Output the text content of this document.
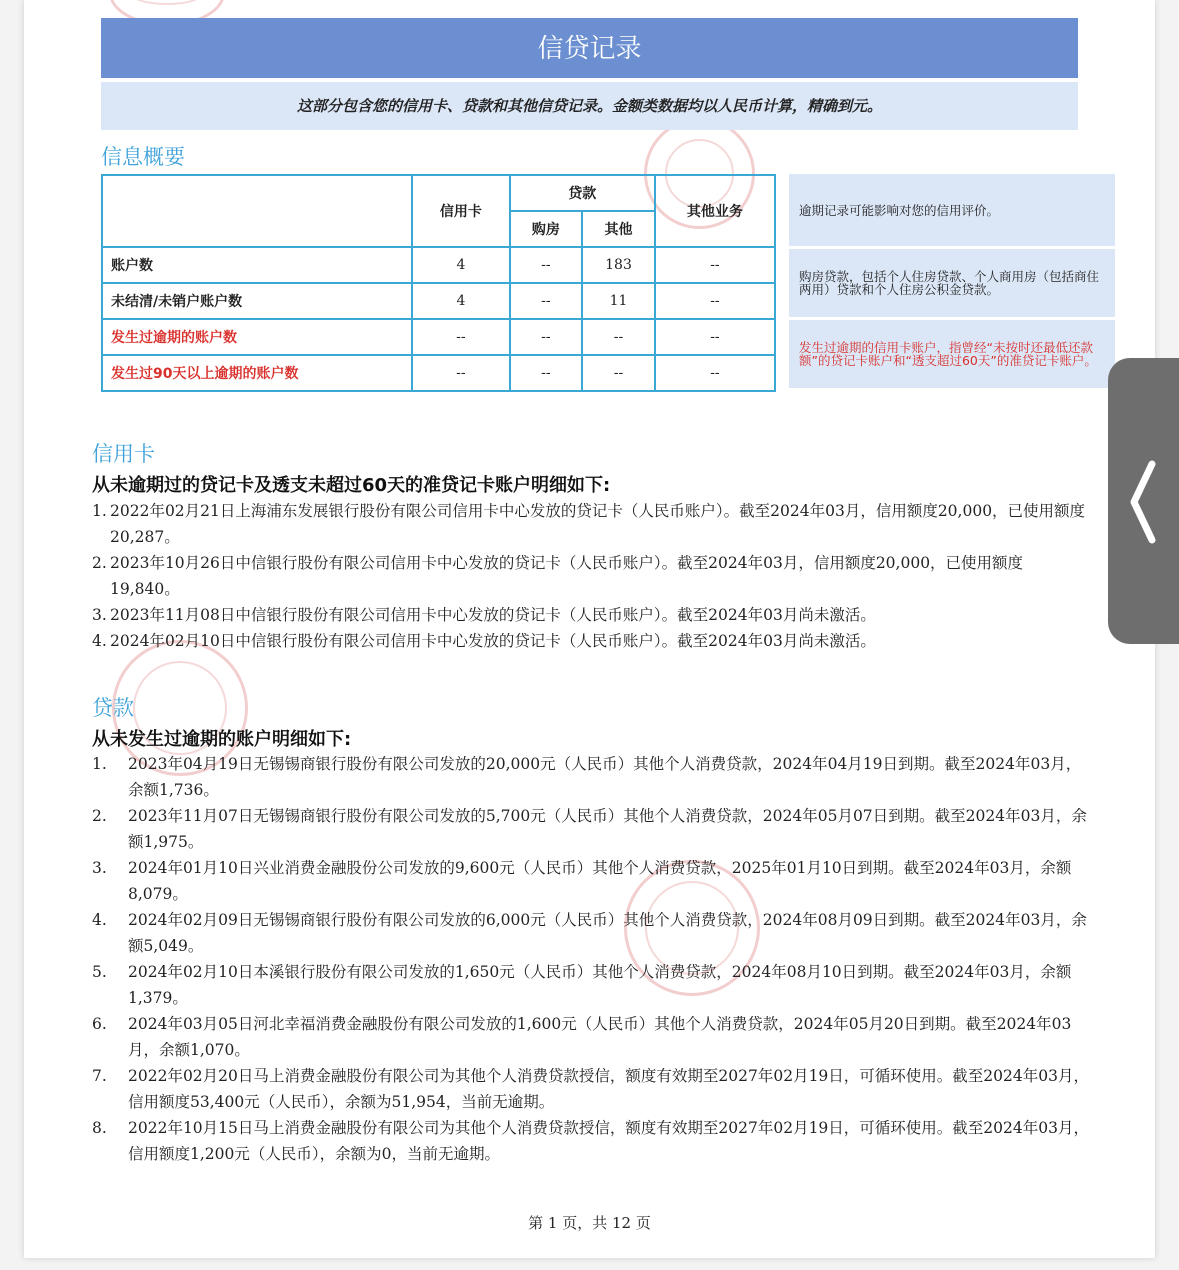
信贷记录
这部分包含您的信用卡、贷款和其他信贷记录。金额类数据均以人民币计算，精确到元。
信息概要
	信用卡	贷款		其他业务
		购房	其他	
账户数	4	--	183	--
未结清/未销户账户数	4	--	11	--
发生过逾期的账户数	--	--	--	--
发生过90天以上逾期的账户数	--	--	--	--
逾期记录可能影响对您的信用评价。
购房贷款，包括个人住房贷款、个人商用房（包括商住两用）贷款和个人住房公积金贷款。
发生过逾期的信用卡账户，指曾经“未按时还最低还款额”的贷记卡账户和“透支超过60天”的准贷记卡账户。
信用卡
从未逾期过的贷记卡及透支未超过60天的准贷记卡账户明细如下:
1. 2022年02月21日上海浦东发展银行股份有限公司信用卡中心发放的贷记卡（人民币账户）。截至2024年03月，信用额度20,000，已使用额度20,287。
2. 2023年10月26日中信银行股份有限公司信用卡中心发放的贷记卡（人民币账户）。截至2024年03月，信用额度20,000，已使用额度19,840。
3. 2023年11月08日中信银行股份有限公司信用卡中心发放的贷记卡（人民币账户）。截至2024年03月尚未激活。
4. 2024年02月10日中信银行股份有限公司信用卡中心发放的贷记卡（人民币账户）。截至2024年03月尚未激活。
贷款
从未发生过逾期的账户明细如下:
1. 2023年04月19日无锡锡商银行股份有限公司发放的20,000元（人民币）其他个人消费贷款，2024年04月19日到期。截至2024年03月，余额1,736。
2. 2023年11月07日无锡锡商银行股份有限公司发放的5,700元（人民币）其他个人消费贷款，2024年05月07日到期。截至2024年03月，余额1,975。
3. 2024年01月10日兴业消费金融股份公司发放的9,600元（人民币）其他个人消费贷款，2025年01月10日到期。截至2024年03月，余额8,079。
4. 2024年02月09日无锡锡商银行股份有限公司发放的6,000元（人民币）其他个人消费贷款，2024年08月09日到期。截至2024年03月，余额5,049。
5. 2024年02月10日本溪银行股份有限公司发放的1,650元（人民币）其他个人消费贷款，2024年08月10日到期。截至2024年03月，余额1,379。
6. 2024年03月05日河北幸福消费金融股份有限公司发放的1,600元（人民币）其他个人消费贷款，2024年05月20日到期。截至2024年03月，余额1,070。
7. 2022年02月20日马上消费金融股份有限公司为其他个人消费贷款授信，额度有效期至2027年02月19日，可循环使用。截至2024年03月，信用额度53,400元（人民币），余额为51,954，当前无逾期。
8. 2022年10月15日马上消费金融股份有限公司为其他个人消费贷款授信，额度有效期至2027年02月19日，可循环使用。截至2024年03月，信用额度1,200元（人民币），余额为0，当前无逾期。
第 1 页，共 12 页
